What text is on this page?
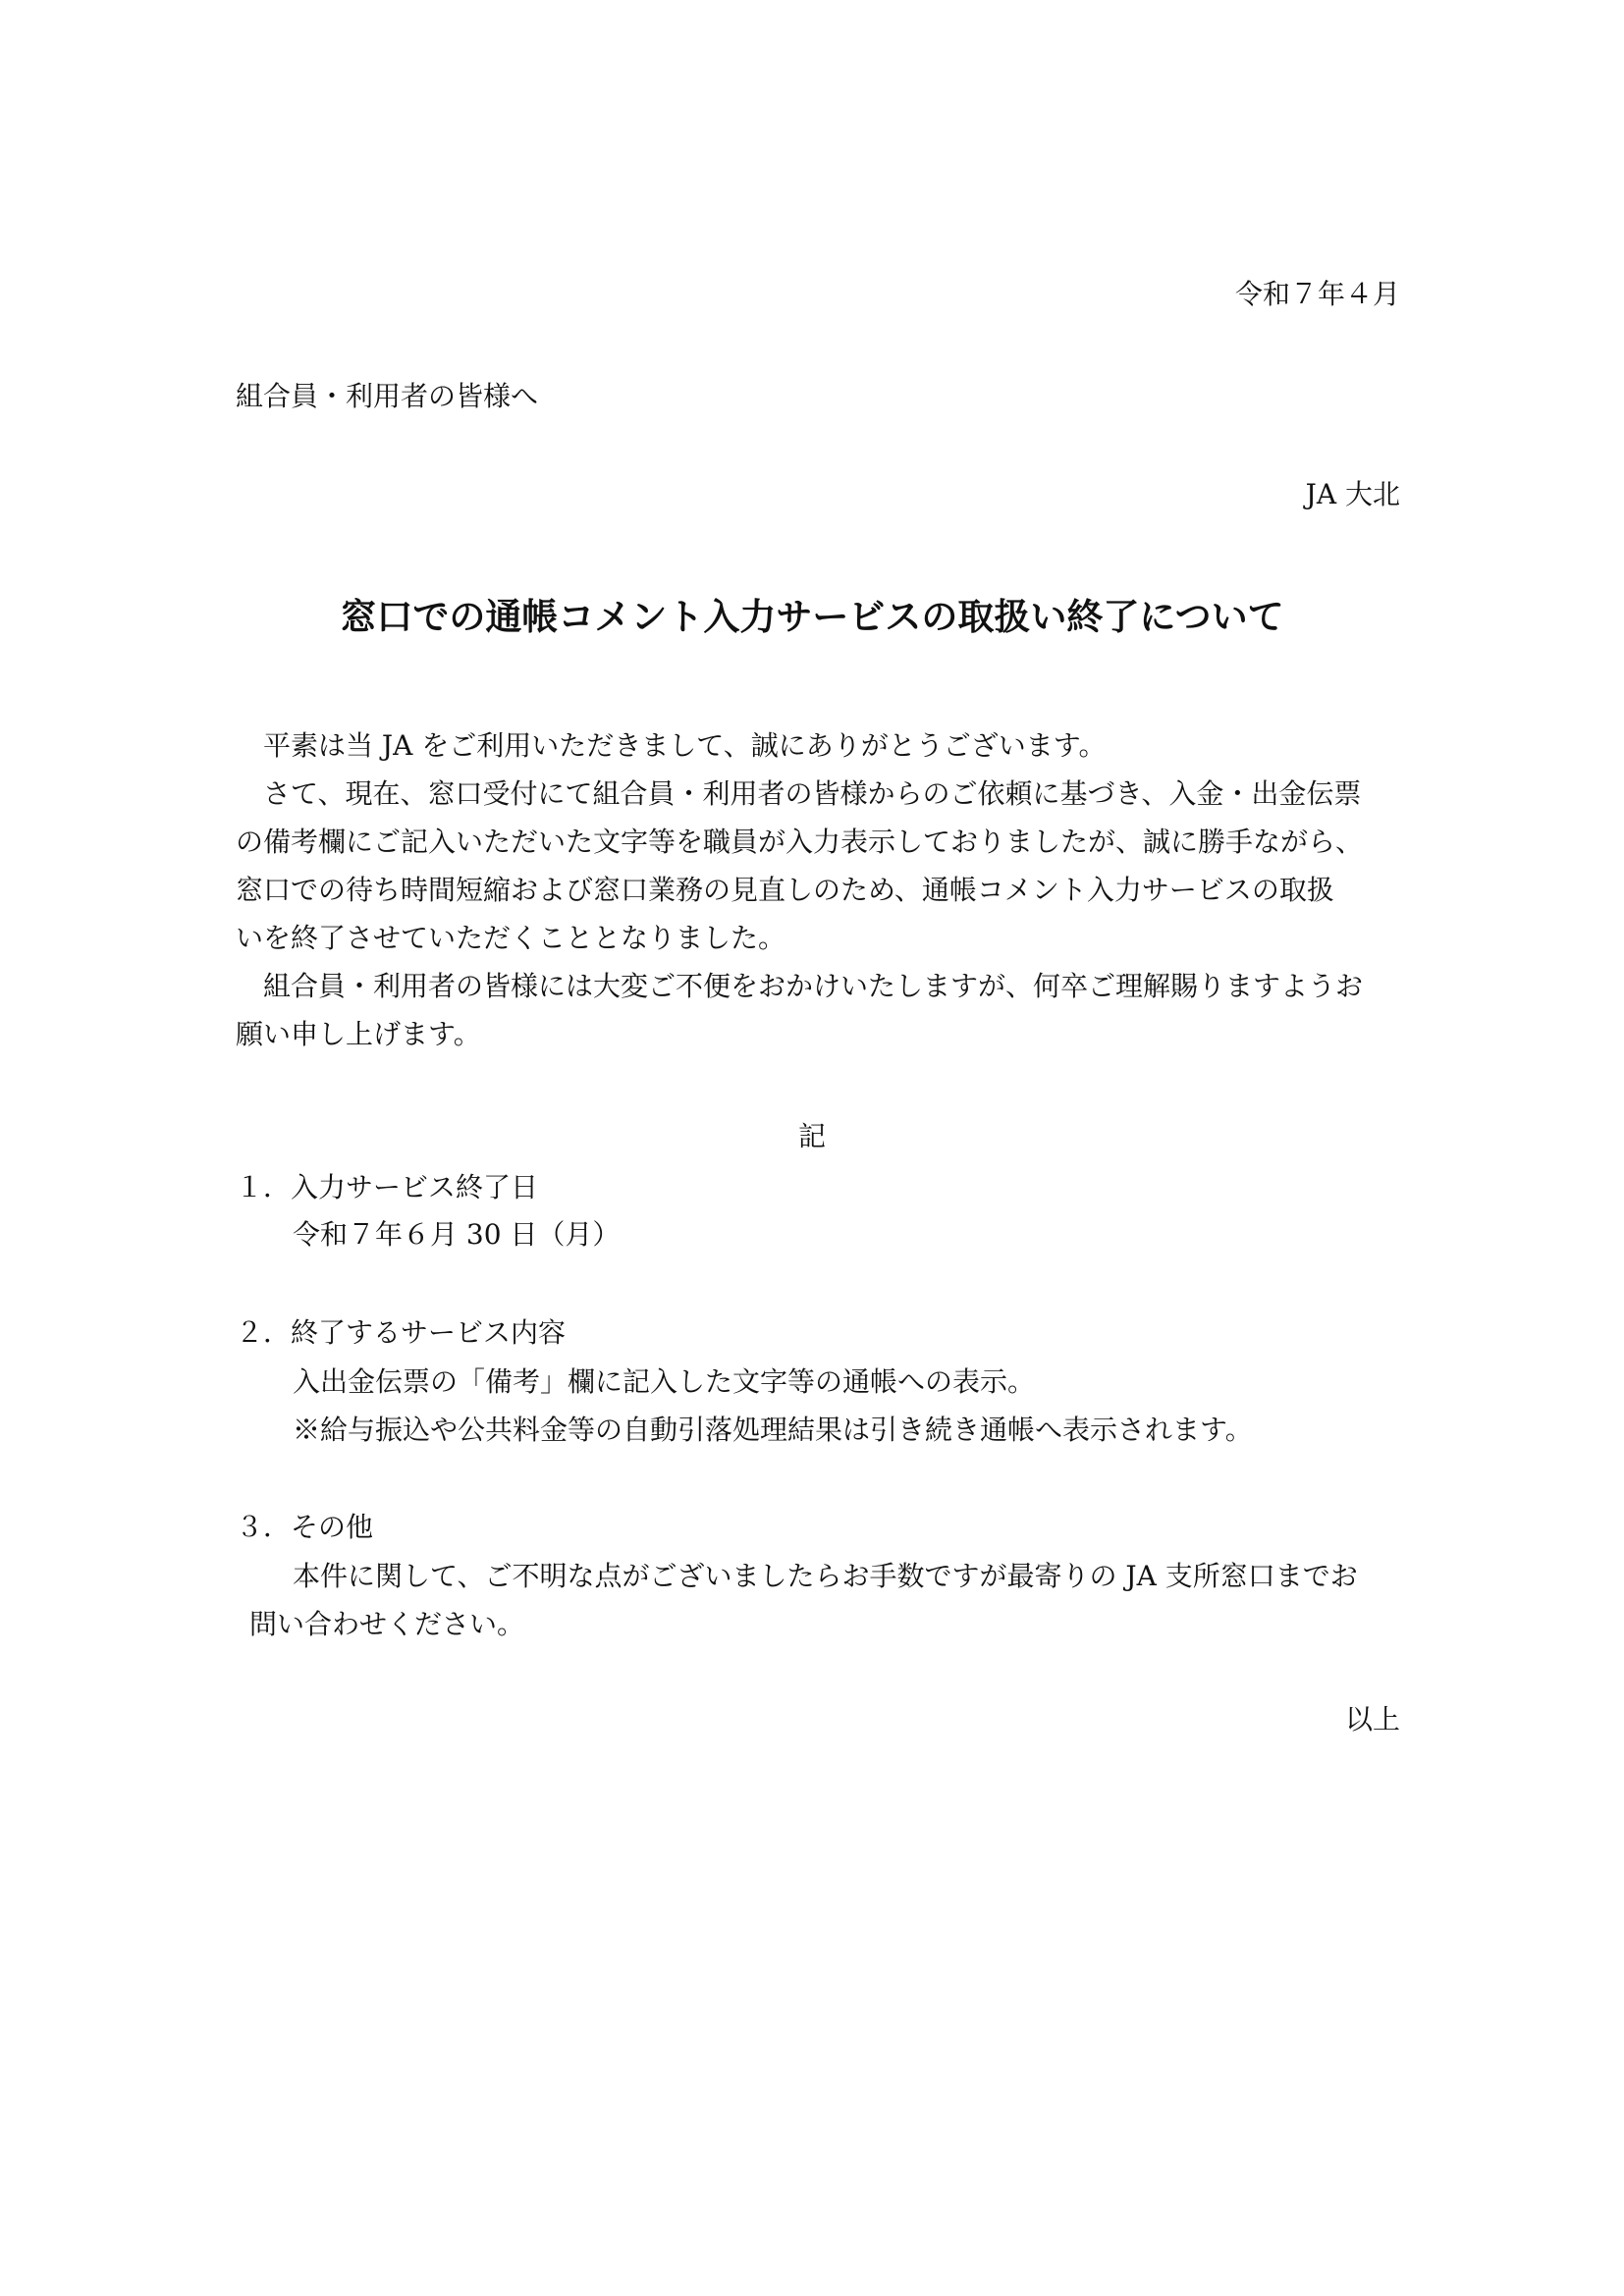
令和７年４月

組合員・利用者の皆様へ

JA 大北

窓口での通帳コメント入力サービスの取扱い終了について
平素は当 JA をご利用いただきまして、誠にありがとうございます。
さて、現在、窓口受付にて組合員・利用者の皆様からのご依頼に基づき、入金・出金伝票
の備考欄にご記入いただいた文字等を職員が入力表示しておりましたが、誠に勝手ながら、
窓口での待ち時間短縮および窓口業務の見直しのため、通帳コメント入力サービスの取扱
いを終了させていただくこととなりました。
組合員・利用者の皆様には大変ご不便をおかけいたしますが、何卒ご理解賜りますようお
願い申し上げます。

記

１．入力サービス終了日

令和７年６月 30 日（月）

２．終了するサービス内容

入出金伝票の「備考」欄に記入した文字等の通帳への表示。

※給与振込や公共料金等の自動引落処理結果は引き続き通帳へ表示されます。

３．その他

本件に関して、ご不明な点がございましたらお手数ですが最寄りの JA 支所窓口までお

問い合わせください。

以上
